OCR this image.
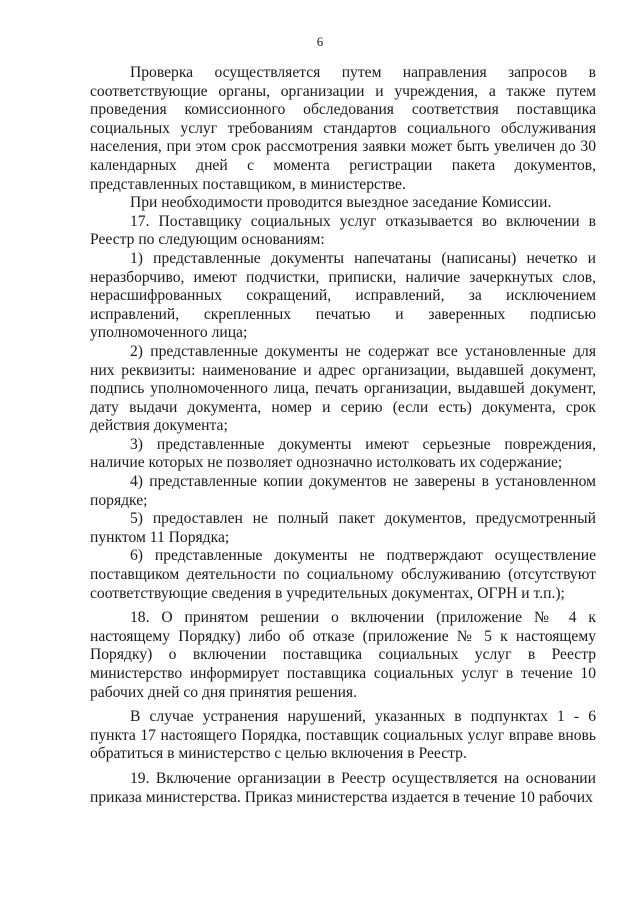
6

Проверка осуществляется путем направления запросов в соответствующие органы, организации и учреждения, а также путем проведения комиссионного обследования соответствия поставщика социальных услуг требованиям стандартов социального обслуживания населения, при этом срок рассмотрения заявки может быть увеличен до 30 календарных дней с момента регистрации пакета документов, представленных поставщиком, в министерстве.

При необходимости проводится выездное заседание Комиссии.

17. Поставщику социальных услуг отказывается во включении в Реестр по следующим основаниям:

1) представленные документы напечатаны (написаны) нечетко и неразборчиво, имеют подчистки, приписки, наличие зачеркнутых слов, нерасшифрованных сокращений, исправлений, за исключением исправлений, скрепленных печатью и заверенных подписью уполномоченного лица;

2) представленные документы не содержат все установленные для них реквизиты: наименование и адрес организации, выдавшей документ, подпись уполномоченного лица, печать организации, выдавшей документ, дату выдачи документа, номер и серию (если есть) документа, срок действия документа;

3) представленные документы имеют серьезные повреждения, наличие которых не позволяет однозначно истолковать их содержание;

4) представленные копии документов не заверены в установленном порядке;

5) предоставлен не полный пакет документов, предусмотренный пунктом 11 Порядка;

6) представленные документы не подтверждают осуществление поставщиком деятельности по социальному обслуживанию (отсутствуют соответствующие сведения в учредительных документах, ОГРН и т.п.);

18. О принятом решении о включении (приложение № 4 к настоящему Порядку) либо об отказе (приложение № 5 к настоящему Порядку) о включении поставщика социальных услуг в Реестр министерство информирует поставщика социальных услуг в течение 10 рабочих дней со дня принятия решения.

В случае устранения нарушений, указанных в подпунктах 1 - 6 пункта 17 настоящего Порядка, поставщик социальных услуг вправе вновь обратиться в министерство с целью включения в Реестр.

19. Включение организации в Реестр осуществляется на основании приказа министерства. Приказ министерства издается в течение 10 рабочих
